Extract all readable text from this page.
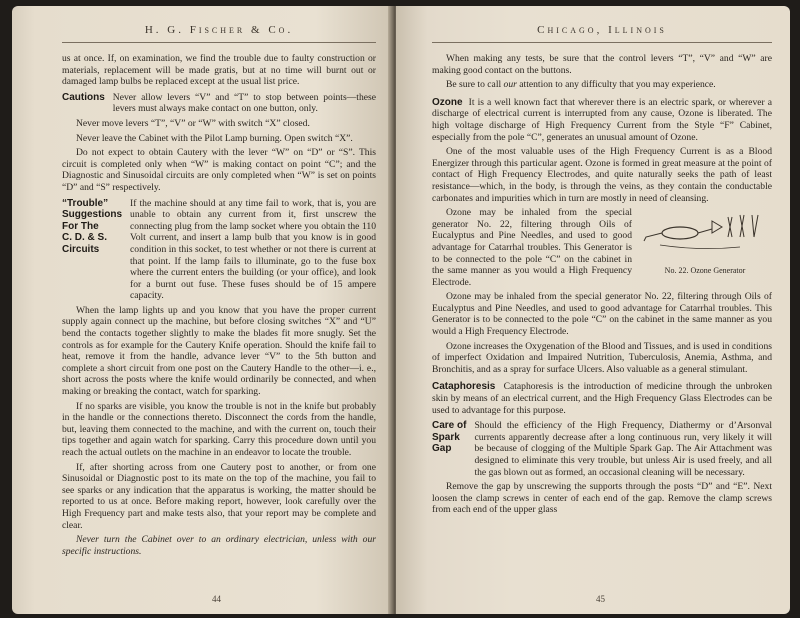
H. G. Fischer & Co.

us at once. If, on examination, we find the trouble due to faulty construction or materials, replacement will be made gratis, but at no time will burnt out or damaged lamp bulbs be replaced except at the usual list price.

Cautions Never allow levers “V” and “T” to stop between points—these levers must always make contact on one button, only.

Never move levers “T”, “V” or “W” with switch “X” closed.

Never leave the Cabinet with the Pilot Lamp burning. Open switch “X”.

Do not expect to obtain Cautery with the lever “W” on “D” or “S”. This circuit is completed only when “W” is making contact on point “C”; and the Diagnostic and Sinusoidal circuits are only completed when “W” is set on points “D” and “S” respectively.

“Trouble”
Suggestions
For The
C. D. & S.
Circuits
If the machine should at any time fail to work, that is, you are unable to obtain any current from it, first unscrew the connecting plug from the lamp socket where you obtain the 110 Volt current, and insert a lamp bulb that you know is in good condition in this socket, to test whether or not there is current at that point. If the lamp fails to illuminate, go to the fuse box where the current enters the building (or your office), and look for a burnt out fuse. These fuses should be of 15 ampere capacity.

When the lamp lights up and you know that you have the proper current supply again connect up the machine, but before closing switches “X” and “U” bend the contacts together slightly to make the blades fit more snugly. Set the controls as for example for the Cautery Knife operation. Should the knife fail to heat, remove it from the handle, advance lever “V” to the 5th button and complete a short circuit from one post on the Cautery Handle to the other—i. e., short across the posts where the knife would ordinarily be connected, and when making or breaking the contact, watch for sparking.

If no sparks are visible, you know the trouble is not in the knife but probably in the handle or the connections thereto. Disconnect the cords from the handle, but, leaving them connected to the machine, and with the current on, touch their tips together and again watch for sparking. Carry this procedure down until you reach the actual outlets on the machine in an endeavor to locate the trouble.

If, after shorting across from one Cautery post to another, or from one Sinusoidal or Diagnostic post to its mate on the top of the machine, you fail to see sparks or any indication that the apparatus is working, the matter should be reported to us at once. Before making report, however, look carefully over the High Frequency part and make tests also, that your report may be complete and clear.

Never turn the Cabinet over to an ordinary electrician, unless with our specific instructions.

44
Chicago, Illinois

When making any tests, be sure that the control levers “T”, “V” and “W” are making good contact on the buttons.

Be sure to call our attention to any difficulty that you may experience.

Ozone It is a well known fact that wherever there is an electric spark, or wherever a discharge of electrical current is interrupted from any cause, Ozone is liberated. The high voltage discharge of High Frequency Current from the Style “F” Cabinet, especially from the pole “C”, generates an unusual amount of Ozone.

One of the most valuable uses of the High Frequency Current is as a Blood Energizer through this particular agent. Ozone is formed in great measure at the point of contact of High Frequency Electrodes, and quite naturally seeks the path of least resistance—which, in the body, is through the veins, as they contain the conductable carbonates and impurities which in turn are mostly in need of cleansing.

Ozone may be inhaled from the special generator No. 22, filtering through Oils of Eucalyptus and Pine Needles, and used to good advantage for Catarrhal troubles. This Generator is to be connected to the pole “C” on the cabinet in the same manner as you would a High Frequency Electrode.

No. 22. Ozone Generator

Ozone may be inhaled from the special generator No. 22, filtering through Oils of Eucalyptus and Pine Needles, and used to good advantage for Catarrhal troubles. This Generator is to be connected to the pole “C” on the cabinet in the same manner as you would a High Frequency Electrode.

Ozone increases the Oxygenation of the Blood and Tissues, and is used in conditions of imperfect Oxidation and Impaired Nutrition, Tuberculosis, Anemia, Asthma, and Bronchitis, and as a spray for surface Ulcers. Also valuable as a general stimulant.

Cataphoresis Cataphoresis is the introduction of medicine through the unbroken skin by means of an electrical current, and the High Frequency Glass Electrodes can be used to advantage for this purpose.

Care of
Spark
Gap
Should the efficiency of the High Frequency, Diathermy or d’Arsonval currents apparently decrease after a long continuous run, very likely it will be because of clogging of the Multiple Spark Gap. The Air Attachment was designed to eliminate this very trouble, but unless Air is used freely, and all the gas blown out as formed, an occasional cleaning will be necessary.

Remove the gap by unscrewing the supports through the posts “D” and “E”. Next loosen the clamp screws in center of each end of the gap. Remove the clamp screws from each end of the upper glass

45
